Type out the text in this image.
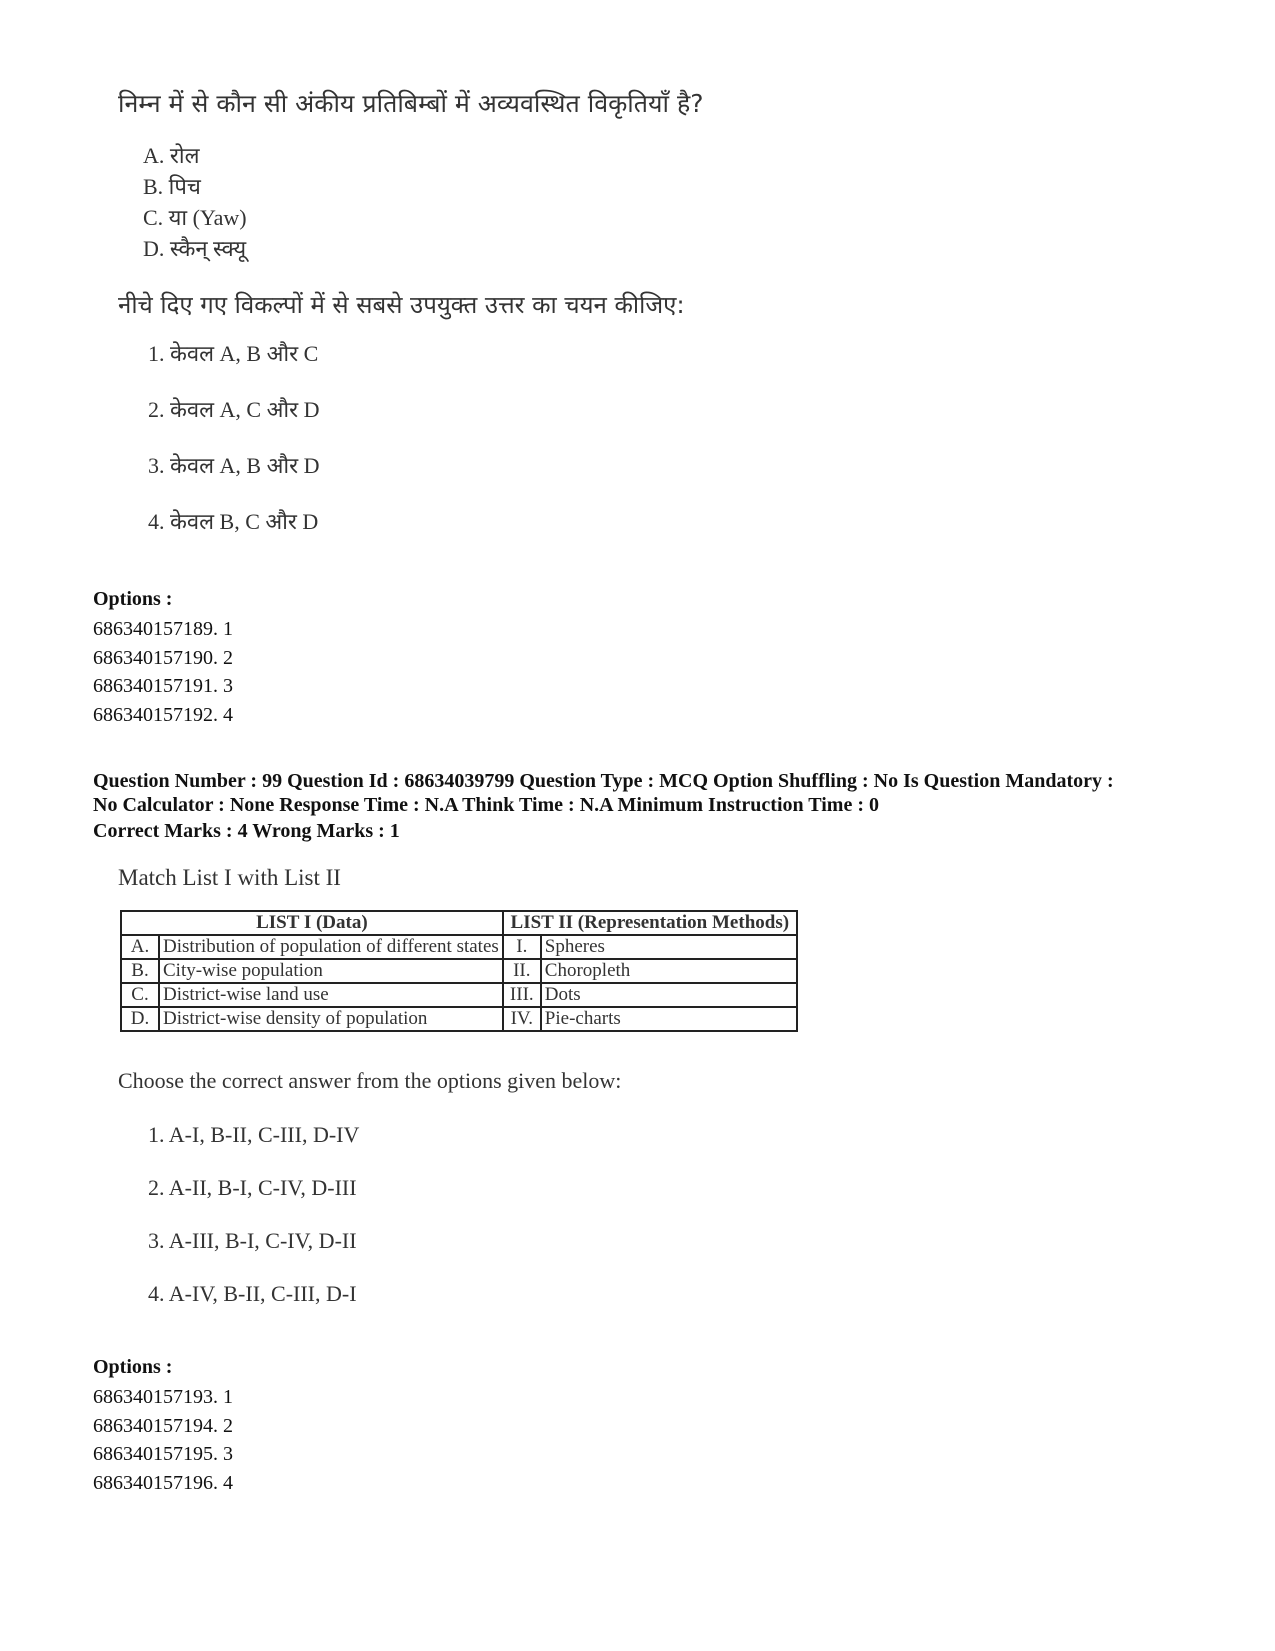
निम्न में से कौन सी अंकीय प्रतिबिम्बों में अव्यवस्थित विकृतियाँ है?
A. रोल
B. पिच
C. या (Yaw)
D. स्कैन् स्क्यू
नीचे दिए गए विकल्पों में से सबसे उपयुक्त उत्तर का चयन कीजिए:
1. केवल A, B और C
2. केवल A, C और D
3. केवल A, B और D
4. केवल B, C और D
Options :
686340157189. 1
686340157190. 2
686340157191. 3
686340157192. 4
Question Number : 99 Question Id : 68634039799 Question Type : MCQ Option Shuffling : No Is Question Mandatory :
No Calculator : None Response Time : N.A Think Time : N.A Minimum Instruction Time : 0
Correct Marks : 4 Wrong Marks : 1
Match List I with List II
LIST I (Data)		LIST II (Representation Methods)	
A.	Distribution of population of different states	I.	Spheres
B.	City-wise population	II.	Choropleth
C.	District-wise land use	III.	Dots
D.	District-wise density of population	IV.	Pie-charts
Choose the correct answer from the options given below:
1. A-I, B-II, C-III, D-IV
2. A-II, B-I, C-IV, D-III
3. A-III, B-I, C-IV, D-II
4. A-IV, B-II, C-III, D-I
Options :
686340157193. 1
686340157194. 2
686340157195. 3
686340157196. 4
